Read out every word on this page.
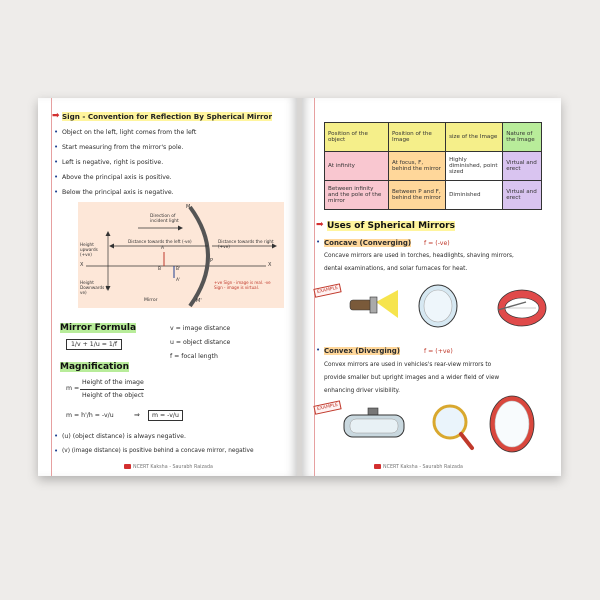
➡ Sign - Convention for Reflection By Spherical Mirror
• Object on the left, light comes from the left
• Start measuring from the mirror's pole.
• Left is negative, right is positive.
• Above the principal axis is positive.
• Below the principal axis is negative.
Direction of incident light
Height upwards (+ve)
Distance towards the left (-ve)	Distance towards the right (+ve)
Height Downwards (-ve)
Mirror
+ve Sign - image is real. -ve Sign - image is virtual.
M
M'
P
X	X
A
B
A'
B'
Mirror Formula
1/v + 1/u = 1/f
v = image distance
u = object distance
f = focal length
Magnification
m =
Height of the image
Height of the object
m = h'/h = -v/u	⇒	m = -v/u
• (u) (object distance) is always negative.
• (v) (image distance) is positive behind a concave mirror, negative
NCERT Kaksha - Saurabh Raizada
Position of the object	Position of the Image	size of the Image	Nature of the Image
At infinity	At focus, F, behind the mirror	Highly diminished, point sized	Virtual and erect
Between infinity and the pole of the mirror	Between P and F, behind the mirror	Diminished	Virtual and erect
➡ Uses of Spherical Mirrors
• Concave (Converging) f = (-ve)
Concave mirrors are used in torches, headlights, shaving mirrors,
dental examinations, and solar furnaces for heat.
EXAMPLE
• Convex (Diverging)	f = (+ve)
Convex mirrors are used in vehicles's rear-view mirrors to
provide smaller but upright images and a wider field of view
enhancing driver visibility.
EXAMPLE
NCERT Kaksha - Saurabh Raizada
